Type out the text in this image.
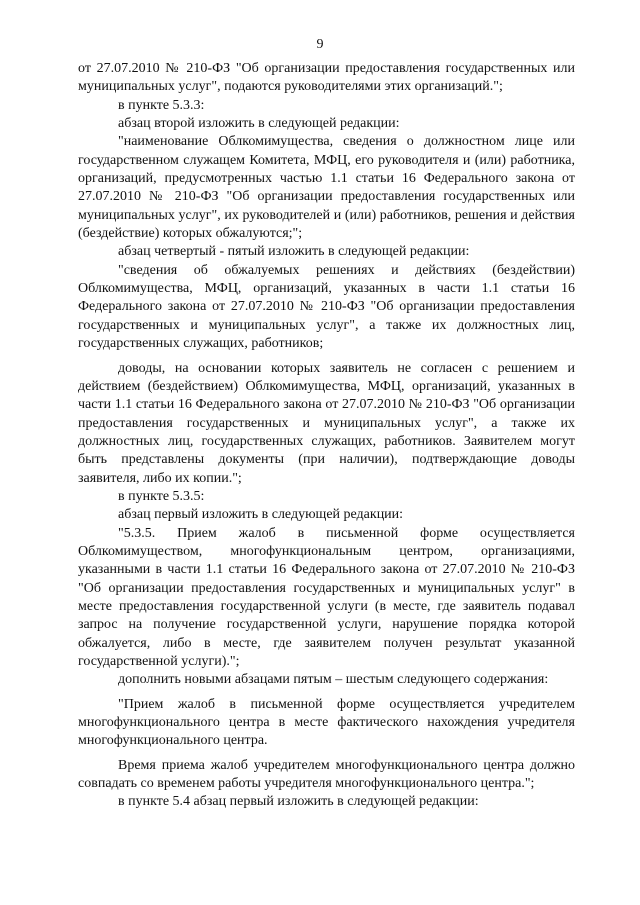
9

от 27.07.2010 № 210-ФЗ "Об организации предоставления государственных или муниципальных услуг", подаются руководителями этих организаций.";

в пункте 5.3.3:

абзац второй изложить в следующей редакции:

"наименование Облкомимущества, сведения о должностном лице или государственном служащем Комитета, МФЦ, его руководителя и (или) работника, организаций, предусмотренных частью 1.1 статьи 16 Федерального закона от 27.07.2010 № 210-ФЗ "Об организации предоставления государственных или муниципальных услуг", их руководителей и (или) работников, решения и действия (бездействие) которых обжалуются;";

абзац четвертый - пятый изложить в следующей редакции:

"сведения об обжалуемых решениях и действиях (бездействии) Облкомимущества, МФЦ, организаций, указанных в части 1.1 статьи 16 Федерального закона от 27.07.2010 № 210-ФЗ "Об организации предоставления государственных и муниципальных услуг", а также их должностных лиц, государственных служащих, работников;

доводы, на основании которых заявитель не согласен с решением и действием (бездействием) Облкомимущества, МФЦ, организаций, указанных в части 1.1 статьи 16 Федерального закона от 27.07.2010 № 210-ФЗ "Об организации предоставления государственных и муниципальных услуг", а также их должностных лиц, государственных служащих, работников. Заявителем могут быть представлены документы (при наличии), подтверждающие доводы заявителя, либо их копии.";

в пункте 5.3.5:

абзац первый изложить в следующей редакции:

"5.3.5. Прием жалоб в письменной форме осуществляется Облкомимуществом, многофункциональным центром, организациями, указанными в части 1.1 статьи 16 Федерального закона от 27.07.2010 № 210-ФЗ "Об организации предоставления государственных и муниципальных услуг" в месте предоставления государственной услуги (в месте, где заявитель подавал запрос на получение государственной услуги, нарушение порядка которой обжалуется, либо в месте, где заявителем получен результат указанной государственной услуги).";

дополнить новыми абзацами пятым – шестым следующего содержания:

"Прием жалоб в письменной форме осуществляется учредителем многофункционального центра в месте фактического нахождения учредителя многофункционального центра.

Время приема жалоб учредителем многофункционального центра должно совпадать со временем работы учредителя многофункционального центра.";

в пункте 5.4 абзац первый изложить в следующей редакции:
